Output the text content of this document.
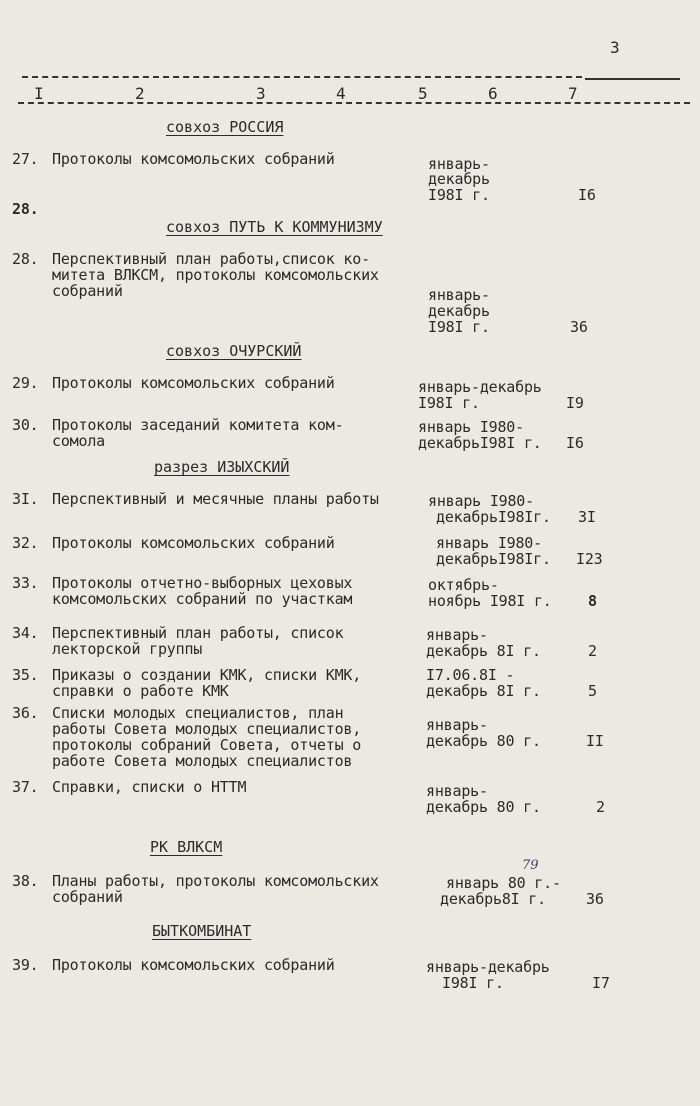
3
I	2	3	4	5	6	7
совхоз РОССИЯ
27. Протоколы комсомольских собраний	январь-
декабрь
I98I г.	I6
28.
совхоз ПУТЬ К КОММУНИЗМУ
28. Перспективный план работы,список ко-
митета ВЛКСМ, протоколы комсомольских
собраний	январь-
декабрь
I98I г.	36
совхоз ОЧУРСКИЙ
29. Протоколы комсомольских собраний	январь-декабрь
I98I г.	I9
30. Протоколы заседаний комитета ком-
сомола
январь I980-
декабрьI98I г. I6
разрез ИЗЫХСКИЙ
3I. Перспективный и месячные планы работы	январь I980-
декабрьI98Iг. 3I
32. Протоколы комсомольских собраний	январь I980-
декабрьI98Iг. I23
33. Протоколы отчетно-выборных цеховых
комсомольских собраний по участкам
октябрь-
ноябрь I98I г. 8
34. Перспективный план работы, список
лекторской группы
январь-
декабрь 8I г.	2
35. Приказы о создании КМК, списки КМК,
справки о работе КМК
I7.06.8I -
декабрь 8I г.	5
36. Списки молодых специалистов, план
работы Совета молодых специалистов,
протоколы собраний Совета, отчеты о
работе Совета молодых специалистов
январь-
декабрь 80 г.	II
37. Справки, списки о НТТМ	январь-
декабрь 80 г.	2
РК ВЛКСМ
79
38. Планы работы, протоколы комсомольских
собраний
январь 80 г.-
декабрь8I г.	36
БЫТКОМБИНАТ
39. Протоколы комсомольских собраний	январь-декабрь
I98I г.	I7
